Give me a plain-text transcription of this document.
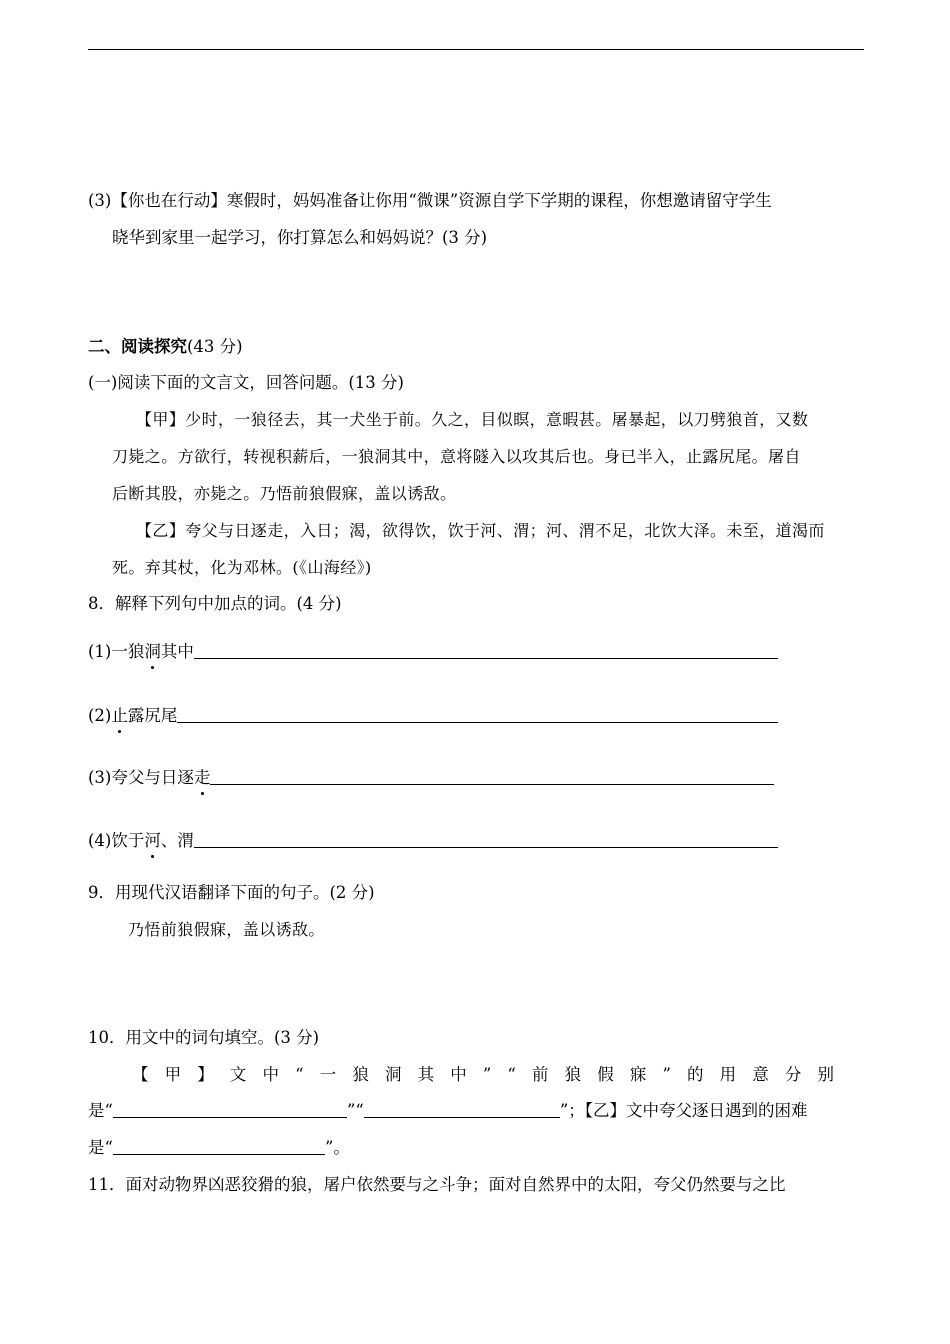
(3)【你也在行动】寒假时，妈妈准备让你用“微课”资源自学下学期的课程，你想邀请留守学生
晓华到家里一起学习，你打算怎么和妈妈说？(3 分)
二、阅读探究(43 分)
(一)阅读下面的文言文，回答问题。(13 分)
【甲】少时，一狼径去，其一犬坐于前。久之，目似瞑，意暇甚。屠暴起，以刀劈狼首，又数
刀毙之。方欲行，转视积薪后，一狼洞其中，意将隧入以攻其后也。身已半入，止露尻尾。屠自
后断其股，亦毙之。乃悟前狼假寐，盖以诱敌。
【乙】夸父与日逐走，入日；渴，欲得饮，饮于河、渭；河、渭不足，北饮大泽。未至，道渴而
死。弃其杖，化为邓林。(《山海经》)
8．解释下列句中加点的词。(4 分)
(1)一狼洞其中
(2)止露尻尾
(3)夸父与日逐走
(4)饮于河、渭
9．用现代汉语翻译下面的句子。(2 分)
乃悟前狼假寐，盖以诱敌。
10．用文中的词句填空。(3 分)
【 甲 】 文 中 “ 一 狼 洞 其 中 ” “ 前 狼 假 寐 ” 的 用 意 分 别
是“	”“	”；【乙】文中夸父逐日遇到的困难
是“	”。
11．面对动物界凶恶狡猾的狼，屠户依然要与之斗争；面对自然界中的太阳，夸父仍然要与之比
